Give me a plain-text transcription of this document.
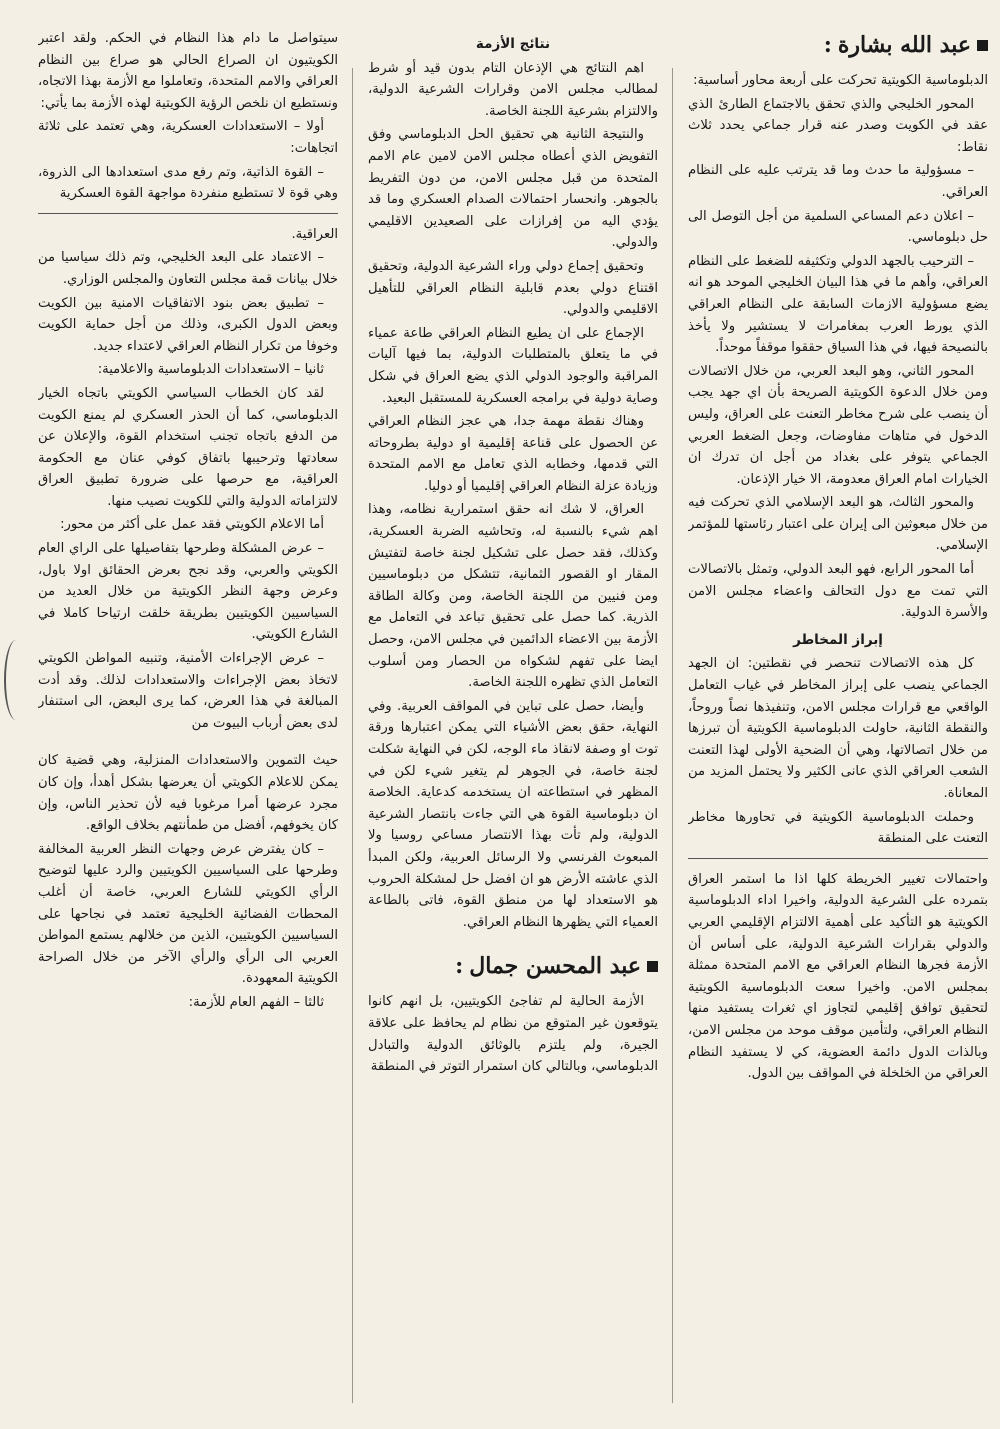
عبد الله بشارة
:

الدبلوماسية الكويتية تحركت على أربعة محاور أساسية:

المحور الخليجي والذي تحقق بالاجتماع الطارئ الذي عقد في الكويت وصدر عنه قرار جماعي يحدد ثلاث نقاط:

– مسؤولية ما حدث وما قد يترتب عليه على النظام العراقي.

– اعلان دعم المساعي السلمية من أجل التوصل الى حل دبلوماسي.

– الترحيب بالجهد الدولي وتكثيفه للضغط على النظام العراقي، وأهم ما في هذا البيان الخليجي الموحد هو انه يضع مسؤولية الازمات السابقة على النظام العراقي الذي يورط العرب بمغامرات لا يستشير ولا يأخذ بالنصيحة فيها، في هذا السياق حققوا موقفاً موحداً.

المحور الثاني، وهو البعد العربي، من خلال الاتصالات ومن خلال الدعوة الكويتية الصريحة بأن اي جهد يجب أن ينصب على شرح مخاطر التعنت على العراق، وليس الدخول في متاهات مفاوضات، وجعل الضغط العربي الجماعي يتوفر على بغداد من أجل ان تدرك ان الخيارات امام العراق معدومة، الا خيار الإذعان.

والمحور الثالث، هو البعد الإسلامي الذي تحركت فيه من خلال مبعوثين الى إيران على اعتبار رئاستها للمؤتمر الإسلامي.

أما المحور الرابع، فهو البعد الدولي، وتمثل بالاتصالات التي تمت مع دول التحالف واعضاء مجلس الامن والأسرة الدولية.

إبراز المخاطر

كل هذه الاتصالات تنحصر في نقطتين: ان الجهد الجماعي ينصب على إبراز المخاطر في غياب التعامل الواقعي مع قرارات مجلس الامن، وتنفيذها نصاً وروحاً، والنقطة الثانية، حاولت الدبلوماسية الكويتية أن تبرزها من خلال اتصالاتها، وهي أن الضحية الأولى لهذا التعنت الشعب العراقي الذي عانى الكثير ولا يحتمل المزيد من المعاناة.

وحملت الدبلوماسية الكويتية في تحاورها مخاطر التعنت على المنطقة

واحتمالات تغيير الخريطة كلها اذا ما استمر العراق بتمرده على الشرعية الدولية، واخيرا اداء الدبلوماسية الكويتية هو التأكيد على أهمية الالتزام الإقليمي العربي والدولي بقرارات الشرعية الدولية، على أساس أن الأزمة فجرها النظام العراقي مع الامم المتحدة ممثلة بمجلس الامن. واخيرا سعت الدبلوماسية الكويتية لتحقيق توافق إقليمي لتجاوز اي ثغرات يستفيد منها النظام العراقي، ولتأمين موقف موحد من مجلس الامن، وبالذات الدول دائمة العضوية، كي لا يستفيد النظام العراقي من الخلخلة في المواقف بين الدول.

نتائج الأزمة

اهم النتائج هي الإذعان التام بدون قيد أو شرط لمطالب مجلس الامن وقرارات الشرعية الدولية، والالتزام بشرعية اللجنة الخاصة.

والنتيجة الثانية هي تحقيق الحل الدبلوماسي وفق التفويض الذي أعطاه مجلس الامن لامين عام الامم المتحدة من قبل مجلس الامن، من دون التفريط بالجوهر. وانحسار احتمالات الصدام العسكري وما قد يؤدي اليه من إفرازات على الصعيدين الاقليمي والدولي.

وتحقيق إجماع دولي وراء الشرعية الدولية، وتحقيق اقتناع دولي بعدم قابلية النظام العراقي للتأهيل الاقليمي والدولي.

الإجماع على ان يطيع النظام العراقي طاعة عمياء في ما يتعلق بالمتطلبات الدولية، بما فيها آليات المراقبة والوجود الدولي الذي يضع العراق في شكل وصاية دولية في برامجه العسكرية للمستقبل البعيد.

وهناك نقطة مهمة جدا، هي عجز النظام العراقي عن الحصول على قناعة إقليمية او دولية بطروحاته التي قدمها، وخطابه الذي تعامل مع الامم المتحدة وزيادة عزلة النظام العراقي إقليميا أو دوليا.

العراق، لا شك انه حقق استمرارية نظامه، وهذا اهم شيء بالنسبة له، وتحاشيه الضربة العسكرية، وكذلك، فقد حصل على تشكيل لجنة خاصة لتفتيش المقار او القصور الثمانية، تتشكل من دبلوماسيين ومن فنيين من اللجنة الخاصة، ومن وكالة الطاقة الذرية. كما حصل على تحقيق تباعد في التعامل مع الأزمة بين الاعضاء الدائمين في مجلس الامن، وحصل ايضا على تفهم لشكواه من الحصار ومن أسلوب التعامل الذي تظهره اللجنة الخاصة.

وأيضا، حصل على تباين في المواقف العربية. وفي النهاية، حقق بعض الأشياء التي يمكن اعتبارها ورقة توت او وصفة لانقاذ ماء الوجه، لكن في النهاية شكلت لجنة خاصة، في الجوهر لم يتغير شيء لكن في المظهر في استطاعته ان يستخدمه كدعاية. الخلاصة ان دبلوماسية القوة هي التي جاءت بانتصار الشرعية الدولية، ولم تأت بهذا الانتصار مساعي روسيا ولا المبعوث الفرنسي ولا الرسائل العربية، ولكن المبدأ الذي عاشته الأرض هو ان افضل حل لمشكلة الحروب هو الاستعداد لها من منطق القوة، فاتى بالطاعة العمياء التي يظهرها النظام العراقي.

عبد المحسن جمال
:

الأزمة الحالية لم تفاجئ الكويتيين، بل انهم كانوا يتوقعون غير المتوقع من نظام لم يحافظ على علاقة الجيرة، ولم يلتزم بالوثائق الدولية والتبادل الدبلوماسي، وبالتالي كان استمرار التوتر في المنطقة

سيتواصل ما دام هذا النظام في الحكم. ولقد اعتبر الكويتيون ان الصراع الحالي هو صراع بين النظام العراقي والامم المتحدة، وتعاملوا مع الأزمة بهذا الاتجاه، ونستطيع ان نلخص الرؤية الكويتية لهذه الأزمة بما يأتي:

أولا – الاستعدادات العسكرية، وهي تعتمد على ثلاثة اتجاهات:

– القوة الذاتية، وتم رفع مدى استعدادها الى الذروة، وهي قوة لا تستطيع منفردة مواجهة القوة العسكرية

العراقية.

– الاعتماد على البعد الخليجي، وتم ذلك سياسيا من خلال بيانات قمة مجلس التعاون والمجلس الوزاري.

– تطبيق بعض بنود الاتفاقيات الامنية بين الكويت وبعض الدول الكبرى، وذلك من أجل حماية الكويت وخوفا من تكرار النظام العراقي لاعتداء جديد.

ثانيا – الاستعدادات الدبلوماسية والاعلامية:

لقد كان الخطاب السياسي الكويتي باتجاه الخيار الدبلوماسي، كما أن الحذر العسكري لم يمنع الكويت من الدفع باتجاه تجنب استخدام القوة، والإعلان عن سعادتها وترحيبها باتفاق كوفي عنان مع الحكومة العراقية، مع حرصها على ضرورة تطبيق العراق لالتزاماته الدولية والتي للكويت نصيب منها.

أما الاعلام الكويتي فقد عمل على أكثر من محور:

– عرض المشكلة وطرحها بتفاصيلها على الراي العام الكويتي والعربي، وقد نجح بعرض الحقائق اولا باول، وعرض وجهة النظر الكويتية من خلال العديد من السياسيين الكويتيين بطريقة خلقت ارتياحا كاملا في الشارع الكويتي.

– عرض الإجراءات الأمنية، وتنبيه المواطن الكويتي لاتخاذ بعض الإجراءات والاستعدادات لذلك. وقد أدت المبالغة في هذا العرض، كما يرى البعض، الى استنفار لدى بعض أرباب البيوت من

حيث التموين والاستعدادات المنزلية، وهي قضية كان يمكن للاعلام الكويتي أن يعرضها بشكل أهدأ، وإن كان مجرد عرضها أمرا مرغوبا فيه لأن تحذير الناس، وإن كان يخوفهم، أفضل من طمأنتهم بخلاف الواقع.

– كان يفترض عرض وجهات النظر العربية المخالفة وطرحها على السياسيين الكويتيين والرد عليها لتوضيح الرأي الكويتي للشارع العربي، خاصة أن أغلب المحطات الفضائية الخليجية تعتمد في نجاحها على السياسيين الكويتيين، الذين من خلالهم يستمع المواطن العربي الى الرأي والرأي الآخر من خلال الصراحة الكويتية المعهودة.

ثالثا – الفهم العام للأزمة:
